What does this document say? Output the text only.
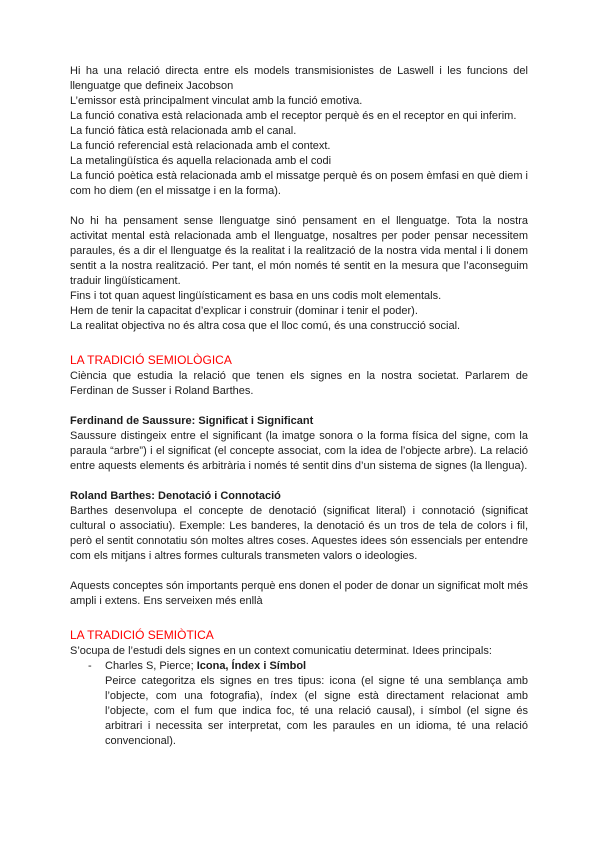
Hi ha una relació directa entre els models transmisionistes de Laswell i les funcions del llenguatge que defineix Jacobson

L’emissor està principalment vinculat amb la funció emotiva.

La funció conativa està relacionada amb el receptor perquè és en el receptor en qui inferim.

La funció fàtica està relacionada amb el canal.

La funció referencial està relacionada amb el context.

La metalingüística és aquella relacionada amb el codi

La funció poètica està relacionada amb el missatge perquè és on posem èmfasi en què diem i com ho diem (en el missatge i en la forma).

No hi ha pensament sense llenguatge sinó pensament en el llenguatge. Tota la nostra activitat mental està relacionada amb el llenguatge, nosaltres per poder pensar necessitem paraules, és a dir el llenguatge és la realitat i la realització de la nostra vida mental i li donem sentit a la nostra realització. Per tant, el món només té sentit en la mesura que l’aconseguim traduir lingüísticament.

Fins i tot quan aquest lingüísticament es basa en uns codis molt elementals.

Hem de tenir la capacitat d’explicar i construir (dominar i tenir el poder).

La realitat objectiva no és altra cosa que el lloc comú, és una construcció social.

LA TRADICIÓ SEMIOLÒGICA

Ciència que estudia la relació que tenen els signes en la nostra societat. Parlarem de Ferdinan de Susser i Roland Barthes.

Ferdinand de Saussure: Significat i Significant

Saussure distingeix entre el significant (la imatge sonora o la forma física del signe, com la paraula “arbre”) i el significat (el concepte associat, com la idea de l’objecte arbre). La relació entre aquests elements és arbitrària i només té sentit dins d’un sistema de signes (la llengua).

Roland Barthes: Denotació i Connotació

Barthes desenvolupa el concepte de denotació (significat literal) i connotació (significat cultural o associatiu). Exemple: Les banderes, la denotació és un tros de tela de colors i fil, però el sentit connotatiu són moltes altres coses. Aquestes idees són essencials per entendre com els mitjans i altres formes culturals transmeten valors o ideologies.

Aquests conceptes són importants perquè ens donen el poder de donar un significat molt més ampli i extens. Ens serveixen més enllà

LA TRADICIÓ SEMIÒTICA

S’ocupa de l’estudi dels signes en un context comunicatiu determinat. Idees principals:

-	Charles S, Pierce; Icona, Índex i Símbol

Peirce categoritza els signes en tres tipus: icona (el signe té una semblança amb l’objecte, com una fotografia), índex (el signe està directament relacionat amb l’objecte, com el fum que indica foc, té una relació causal), i símbol (el signe és arbitrari i necessita ser interpretat, com les paraules en un idioma, té una relació convencional).
